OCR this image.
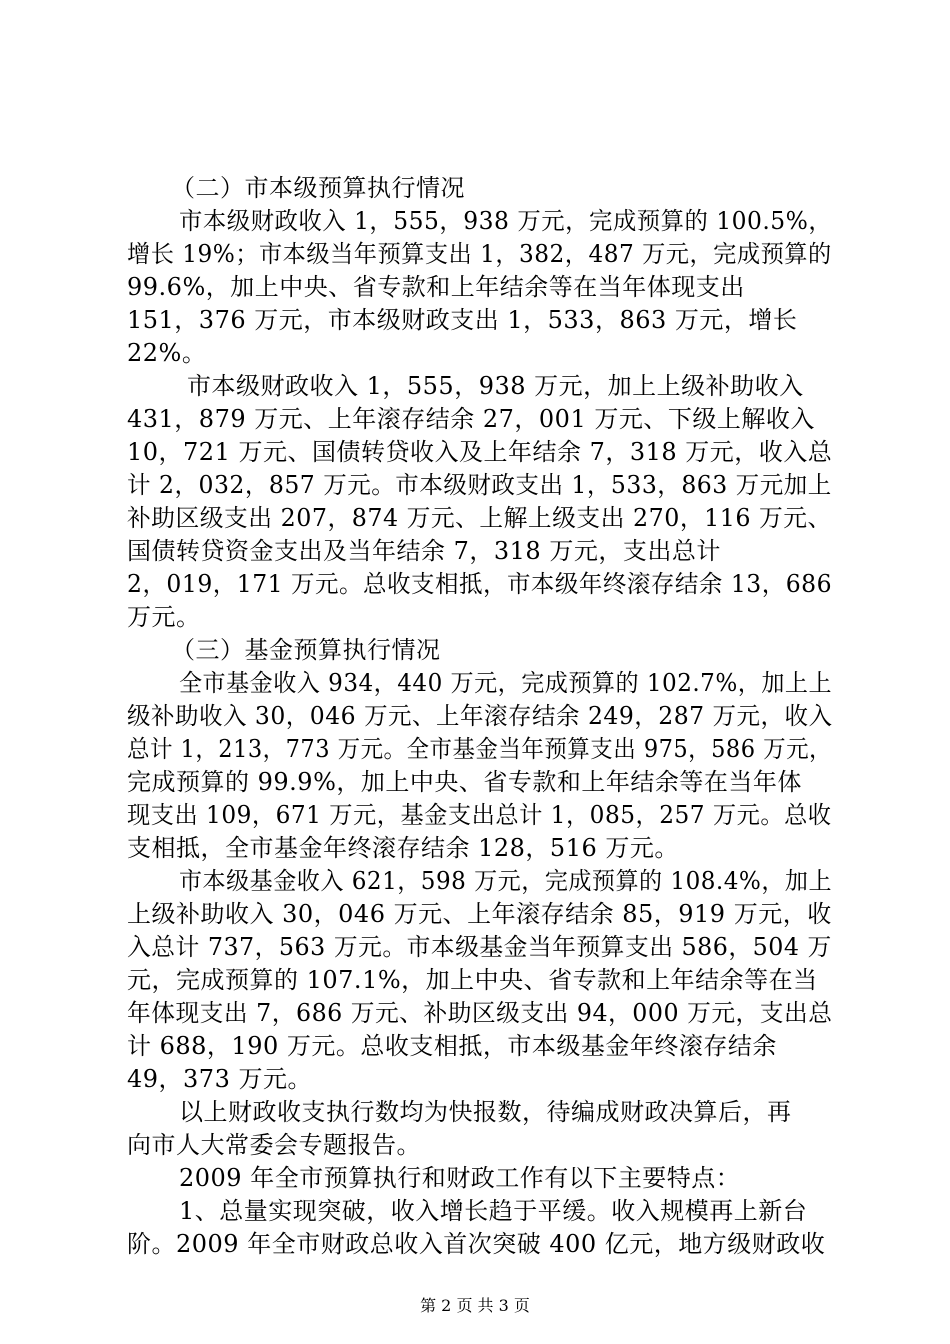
（二）市本级预算执行情况
市本级财政收入 1，555，938 万元，完成预算的 100.5%，
增长 19%；市本级当年预算支出 1，382，487 万元，完成预算的
99.6%，加上中央、省专款和上年结余等在当年体现支出
151，376 万元，市本级财政支出 1，533，863 万元，增长
22%。
市本级财政收入 1，555，938 万元，加上上级补助收入
431，879 万元、上年滚存结余 27，001 万元、下级上解收入
10，721 万元、国债转贷收入及上年结余 7，318 万元，收入总
计 2，032，857 万元。市本级财政支出 1，533，863 万元加上
补助区级支出 207，874 万元、上解上级支出 270，116 万元、
国债转贷资金支出及当年结余 7，318 万元，支出总计
2，019，171 万元。总收支相抵，市本级年终滚存结余 13，686
万元。
（三）基金预算执行情况
全市基金收入 934，440 万元，完成预算的 102.7%，加上上
级补助收入 30，046 万元、上年滚存结余 249，287 万元，收入
总计 1，213，773 万元。全市基金当年预算支出 975，586 万元，
完成预算的 99.9%，加上中央、省专款和上年结余等在当年体
现支出 109，671 万元，基金支出总计 1，085，257 万元。总收
支相抵，全市基金年终滚存结余 128，516 万元。
市本级基金收入 621，598 万元，完成预算的 108.4%，加上
上级补助收入 30，046 万元、上年滚存结余 85，919 万元，收
入总计 737，563 万元。市本级基金当年预算支出 586，504 万
元，完成预算的 107.1%，加上中央、省专款和上年结余等在当
年体现支出 7，686 万元、补助区级支出 94，000 万元，支出总
计 688，190 万元。总收支相抵，市本级基金年终滚存结余
49，373 万元。
以上财政收支执行数均为快报数，待编成财政决算后，再
向市人大常委会专题报告。
2009 年全市预算执行和财政工作有以下主要特点：
1、总量实现突破，收入增长趋于平缓。收入规模再上新台
阶。2009 年全市财政总收入首次突破 400 亿元，地方级财政收
第 2 页 共 3 页
